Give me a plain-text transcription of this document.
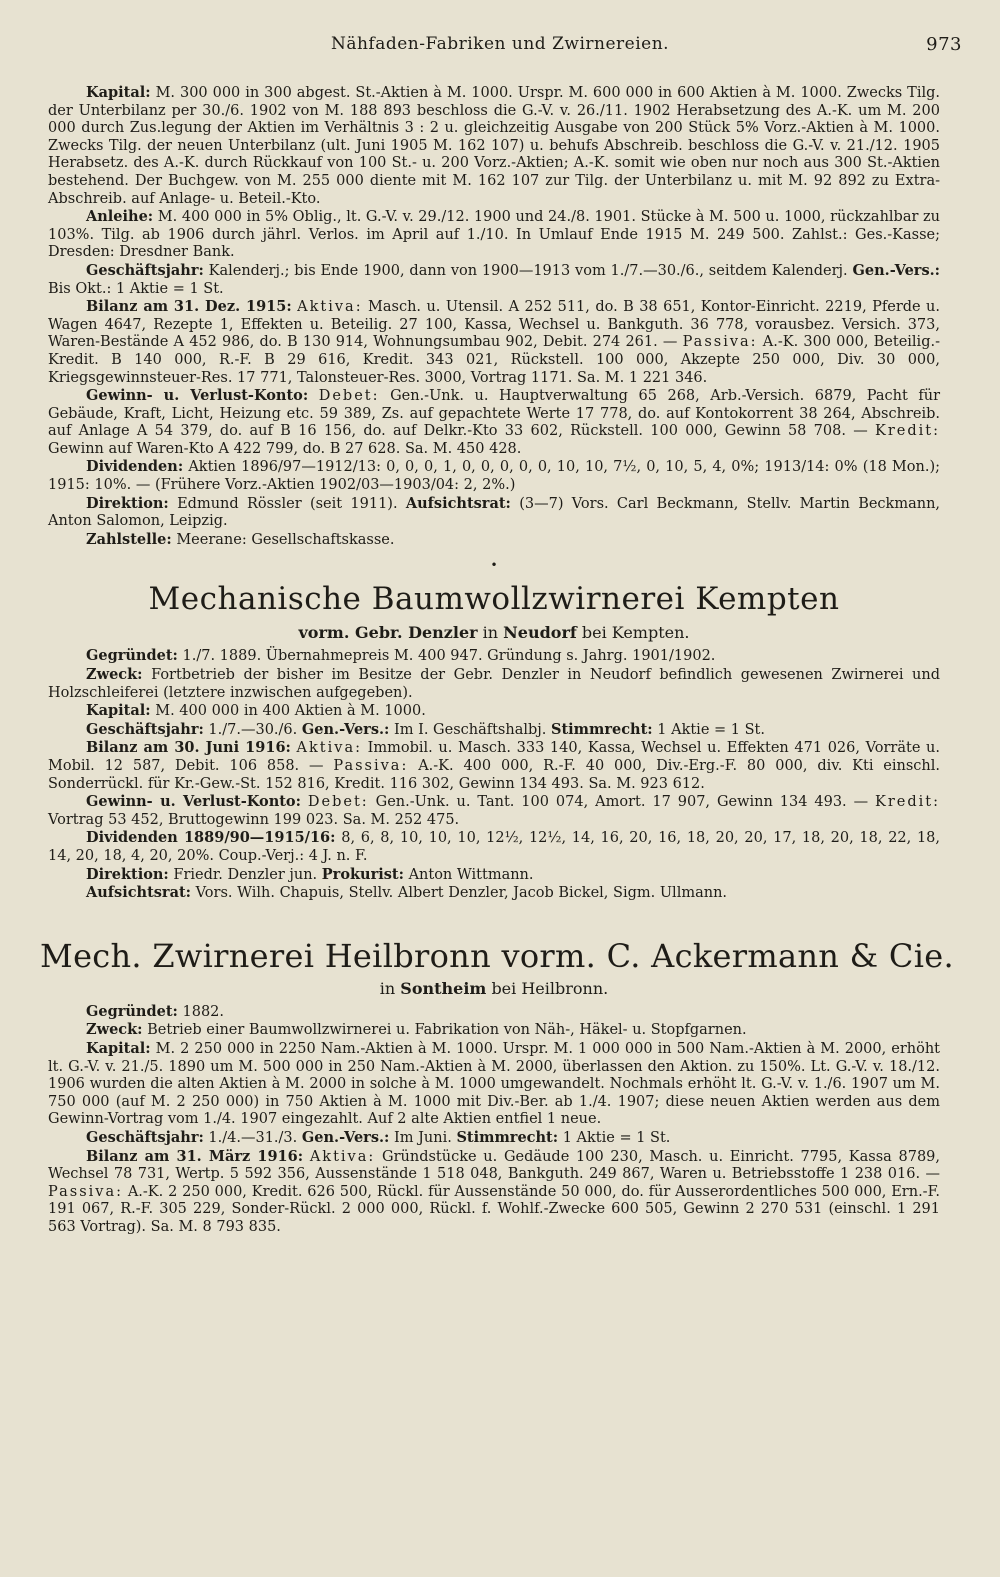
Nähfaden-Fabriken und Zwirnereien.	973

Kapital: M. 300 000 in 300 abgest. St.-Aktien à M. 1000. Urspr. M. 600 000 in 600 Aktien à M. 1000. Zwecks Tilg. der Unterbilanz per 30./6. 1902 von M. 188 893 beschloss die G.-V. v. 26./11. 1902 Herabsetzung des A.-K. um M. 200 000 durch Zus.legung der Aktien im Verhältnis 3 : 2 u. gleichzeitig Ausgabe von 200 Stück 5% Vorz.-Aktien à M. 1000. Zwecks Tilg. der neuen Unterbilanz (ult. Juni 1905 M. 162 107) u. behufs Abschreib. beschloss die G.-V. v. 21./12. 1905 Herabsetz. des A.-K. durch Rückkauf von 100 St.- u. 200 Vorz.-Aktien; A.-K. somit wie oben nur noch aus 300 St.-Aktien bestehend. Der Buchgew. von M. 255 000 diente mit M. 162 107 zur Tilg. der Unterbilanz u. mit M. 92 892 zu Extra-Abschreib. auf Anlage- u. Beteil.-Kto.

Anleihe: M. 400 000 in 5% Oblig., lt. G.-V. v. 29./12. 1900 und 24./8. 1901. Stücke à M. 500 u. 1000, rückzahlbar zu 103%. Tilg. ab 1906 durch jährl. Verlos. im April auf 1./10. In Umlauf Ende 1915 M. 249 500. Zahlst.: Ges.-Kasse; Dresden: Dresdner Bank.

Geschäftsjahr: Kalenderj.; bis Ende 1900, dann von 1900—1913 vom 1./7.—30./6., seitdem Kalenderj. Gen.-Vers.: Bis Okt.: 1 Aktie = 1 St.

Bilanz am 31. Dez. 1915: Aktiva: Masch. u. Utensil. A 252 511, do. B 38 651, Kontor-Einricht. 2219, Pferde u. Wagen 4647, Rezepte 1, Effekten u. Beteilig. 27 100, Kassa, Wechsel u. Bankguth. 36 778, vorausbez. Versich. 373, Waren-Bestände A 452 986, do. B 130 914, Wohnungsumbau 902, Debit. 274 261. — Passiva: A.-K. 300 000, Beteilig.-Kredit. B 140 000, R.-F. B 29 616, Kredit. 343 021, Rückstell. 100 000, Akzepte 250 000, Div. 30 000, Kriegsgewinnsteuer-Res. 17 771, Talonsteuer-Res. 3000, Vortrag 1171. Sa. M. 1 221 346.

Gewinn- u. Verlust-Konto: Debet: Gen.-Unk. u. Hauptverwaltung 65 268, Arb.-Versich. 6879, Pacht für Gebäude, Kraft, Licht, Heizung etc. 59 389, Zs. auf gepachtete Werte 17 778, do. auf Kontokorrent 38 264, Abschreib. auf Anlage A 54 379, do. auf B 16 156, do. auf Delkr.-Kto 33 602, Rückstell. 100 000, Gewinn 58 708. — Kredit: Gewinn auf Waren-Kto A 422 799, do. B 27 628. Sa. M. 450 428.

Dividenden: Aktien 1896/97—1912/13: 0, 0, 0, 1, 0, 0, 0, 0, 0, 10, 10, 7½, 0, 10, 5, 4, 0%; 1913/14: 0% (18 Mon.); 1915: 10%. — (Frühere Vorz.-Aktien 1902/03—1903/04: 2, 2%.)

Direktion: Edmund Rössler (seit 1911). Aufsichtsrat: (3—7) Vors. Carl Beckmann, Stellv. Martin Beckmann, Anton Salomon, Leipzig.

Zahlstelle: Meerane: Gesellschaftskasse.

•
Mechanische Baumwollzwirnerei Kempten
vorm. Gebr. Denzler in Neudorf bei Kempten.

Gegründet: 1./7. 1889. Übernahmepreis M. 400 947. Gründung s. Jahrg. 1901/1902.

Zweck: Fortbetrieb der bisher im Besitze der Gebr. Denzler in Neudorf befindlich gewesenen Zwirnerei und Holzschleiferei (letztere inzwischen aufgegeben).

Kapital: M. 400 000 in 400 Aktien à M. 1000.

Geschäftsjahr: 1./7.—30./6. Gen.-Vers.: Im I. Geschäftshalbj. Stimmrecht: 1 Aktie = 1 St.

Bilanz am 30. Juni 1916: Aktiva: Immobil. u. Masch. 333 140, Kassa, Wechsel u. Effekten 471 026, Vorräte u. Mobil. 12 587, Debit. 106 858. — Passiva: A.-K. 400 000, R.-F. 40 000, Div.-Erg.-F. 80 000, div. Kti einschl. Sonderrückl. für Kr.-Gew.-St. 152 816, Kredit. 116 302, Gewinn 134 493. Sa. M. 923 612.

Gewinn- u. Verlust-Konto: Debet: Gen.-Unk. u. Tant. 100 074, Amort. 17 907, Gewinn 134 493. — Kredit: Vortrag 53 452, Bruttogewinn 199 023. Sa. M. 252 475.

Dividenden 1889/90—1915/16: 8, 6, 8, 10, 10, 10, 12½, 12½, 14, 16, 20, 16, 18, 20, 20, 17, 18, 20, 18, 22, 18, 14, 20, 18, 4, 20, 20%. Coup.-Verj.: 4 J. n. F.

Direktion: Friedr. Denzler jun. Prokurist: Anton Wittmann.

Aufsichtsrat: Vors. Wilh. Chapuis, Stellv. Albert Denzler, Jacob Bickel, Sigm. Ullmann.

Mech. Zwirnerei Heilbronn vorm. C. Ackermann & Cie.
in Sontheim bei Heilbronn.

Gegründet: 1882.

Zweck: Betrieb einer Baumwollzwirnerei u. Fabrikation von Näh-, Häkel- u. Stopfgarnen.

Kapital: M. 2 250 000 in 2250 Nam.-Aktien à M. 1000. Urspr. M. 1 000 000 in 500 Nam.-Aktien à M. 2000, erhöht lt. G.-V. v. 21./5. 1890 um M. 500 000 in 250 Nam.-Aktien à M. 2000, überlassen den Aktion. zu 150%. Lt. G.-V. v. 18./12. 1906 wurden die alten Aktien à M. 2000 in solche à M. 1000 umgewandelt. Nochmals erhöht lt. G.-V. v. 1./6. 1907 um M. 750 000 (auf M. 2 250 000) in 750 Aktien à M. 1000 mit Div.-Ber. ab 1./4. 1907; diese neuen Aktien werden aus dem Gewinn-Vortrag vom 1./4. 1907 eingezahlt. Auf 2 alte Aktien entfiel 1 neue.

Geschäftsjahr: 1./4.—31./3. Gen.-Vers.: Im Juni. Stimmrecht: 1 Aktie = 1 St.

Bilanz am 31. März 1916: Aktiva: Gründstücke u. Gedäude 100 230, Masch. u. Einricht. 7795, Kassa 8789, Wechsel 78 731, Wertp. 5 592 356, Aussenstände 1 518 048, Bankguth. 249 867, Waren u. Betriebsstoffe 1 238 016. — Passiva: A.-K. 2 250 000, Kredit. 626 500, Rückl. für Aussenstände 50 000, do. für Ausserordentliches 500 000, Ern.-F. 191 067, R.-F. 305 229, Sonder-Rückl. 2 000 000, Rückl. f. Wohlf.-Zwecke 600 505, Gewinn 2 270 531 (einschl. 1 291 563 Vortrag). Sa. M. 8 793 835.
